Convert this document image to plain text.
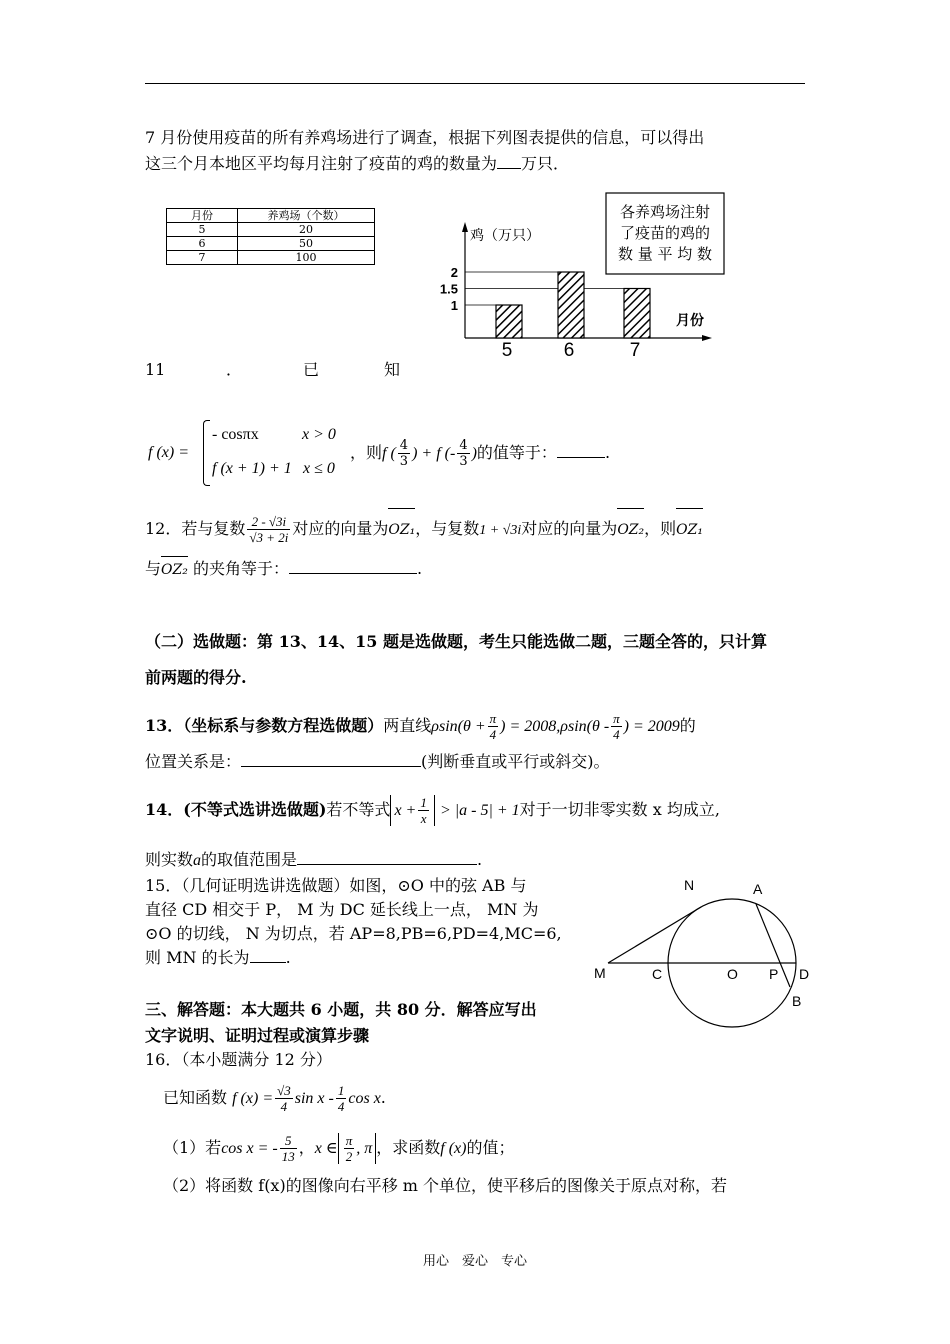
7 月份使用疫苗的所有养鸡场进行了调查，根据下列图表提供的信息，可以得出
这三个月本地区平均每月注射了疫苗的鸡的数量为 万只．
月份	养鸡场（个数）
5	20
6	50
7	100
各养鸡场注射
了疫苗的鸡的
数 量 平 均 数
鸡（万只）
月份
1
1.5
2
5	6	7
11	．	已	知
f (x) =
- cosπx	x > 0
f (x + 1) + 1 x ≤ 0
，则f ( $\frac{4}{3}$ ) + f (- $\frac{4}{3}$ )的值等于：	.
12．若与复数 $\frac{2 - √3i}{√3 + 2i}$ 对应的向量为OZ₁，与复数1 + √3i对应的向量为OZ₂，则OZ₁
与OZ₂ 的夹角等于：	.
（二）选做题：第 13、14、15 题是选做题，考生只能选做二题，三题全答的，只计算
前两题的得分.
13．（坐标系与参数方程选做题）两直线$\rho\sin(\theta + \frac{\pi}{4}$ ) = $2008,\rho\sin(\theta - \frac{\pi}{4}$ ) = 2009的
位置关系是：	(判断垂直或平行或斜交)。
14．(不等式选讲选做题)若不等式 $x + \frac{1}{x} > |a - 5| + 1$对于一切非零实数 x 均成立,
则实数a的取值范围是	.
15．（几何证明选讲选做题）如图，⊙O 中的弦 AB 与
直径 CD 相交于 P， M 为 DC 延长线上一点， MN 为
⊙O 的切线， N 为切点，若 AP=8,PB=6,PD=4,MC=6,
则 MN 的长为 .
N	A
M	C	O P D
B
三、解答题：本大题共 6 小题，共 80 分．解答应写出
文字说明、证明过程或演算步骤
16．（本小题满分 12 分）
已知函数 f $(x) = \frac{√3}{4}$ sin x - $\frac{1}{4}$ cos x.
（1）若cos x = - $\frac{5}{13}$ ，x ∈ $\frac{\pi}{2}$ , π ，求函数f (x)的值；
（2）将函数 f(x)的图像向右平移 m 个单位，使平移后的图像关于原点对称，若
用心　爱心　专心
